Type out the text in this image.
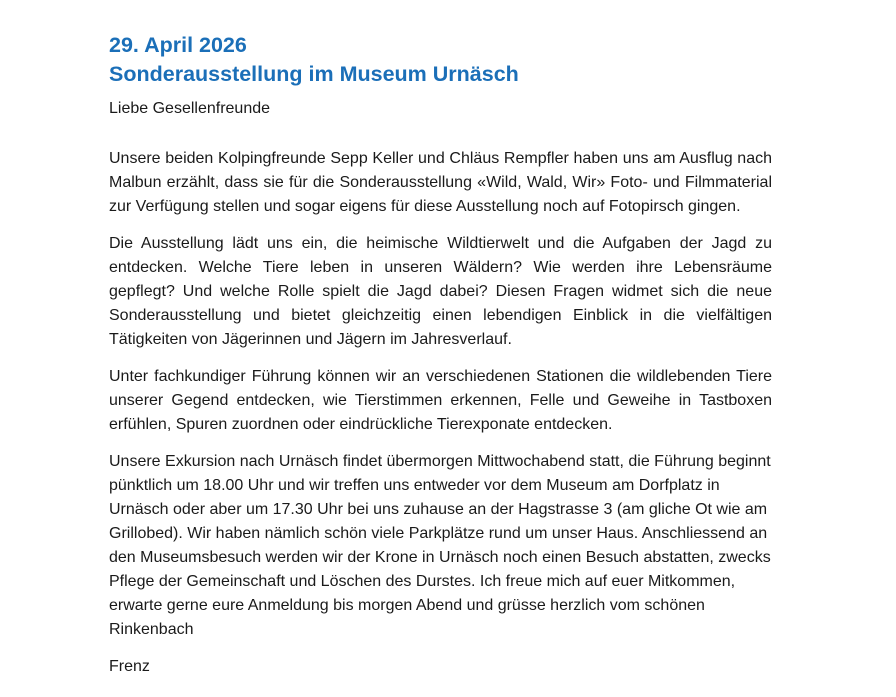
29. April 2026
Sonderausstellung im Museum Urnäsch

Liebe Gesellenfreunde

Unsere beiden Kolpingfreunde Sepp Keller und Chläus Rempfler haben uns am Ausflug nach Malbun erzählt, dass sie für die Sonderausstellung «Wild, Wald, Wir» Foto- und Filmmaterial zur Verfügung stellen und sogar eigens für diese Ausstellung noch auf Fotopirsch gingen.

Die Ausstellung lädt uns ein, die heimische Wildtierwelt und die Aufgaben der Jagd zu entdecken. Welche Tiere leben in unseren Wäldern? Wie werden ihre Lebensräume gepflegt? Und welche Rolle spielt die Jagd dabei? Diesen Fragen widmet sich die neue Sonderausstellung und bietet gleichzeitig einen lebendigen Einblick in die vielfältigen Tätigkeiten von Jägerinnen und Jägern im Jahresverlauf.

Unter fachkundiger Führung können wir an verschiedenen Stationen die wildlebenden Tiere unserer Gegend entdecken, wie Tierstimmen erkennen, Felle und Geweihe in Tastboxen erfühlen, Spuren zuordnen oder eindrückliche Tierexponate entdecken.

Unsere Exkursion nach Urnäsch findet übermorgen Mittwochabend statt, die Führung beginnt pünktlich um 18.00 Uhr und wir treffen uns entweder vor dem Museum am Dorfplatz in Urnäsch oder aber um 17.30 Uhr bei uns zuhause an der Hagstrasse 3 (am gliche Ot wie am Grillobed). Wir haben nämlich schön viele Parkplätze rund um unser Haus. Anschliessend an den Museumsbesuch werden wir der Krone in Urnäsch noch einen Besuch abstatten, zwecks Pflege der Gemeinschaft und Löschen des Durstes. Ich freue mich auf euer Mitkommen, erwarte gerne eure Anmeldung bis morgen Abend und grüsse herzlich vom schönen Rinkenbach

Frenz
